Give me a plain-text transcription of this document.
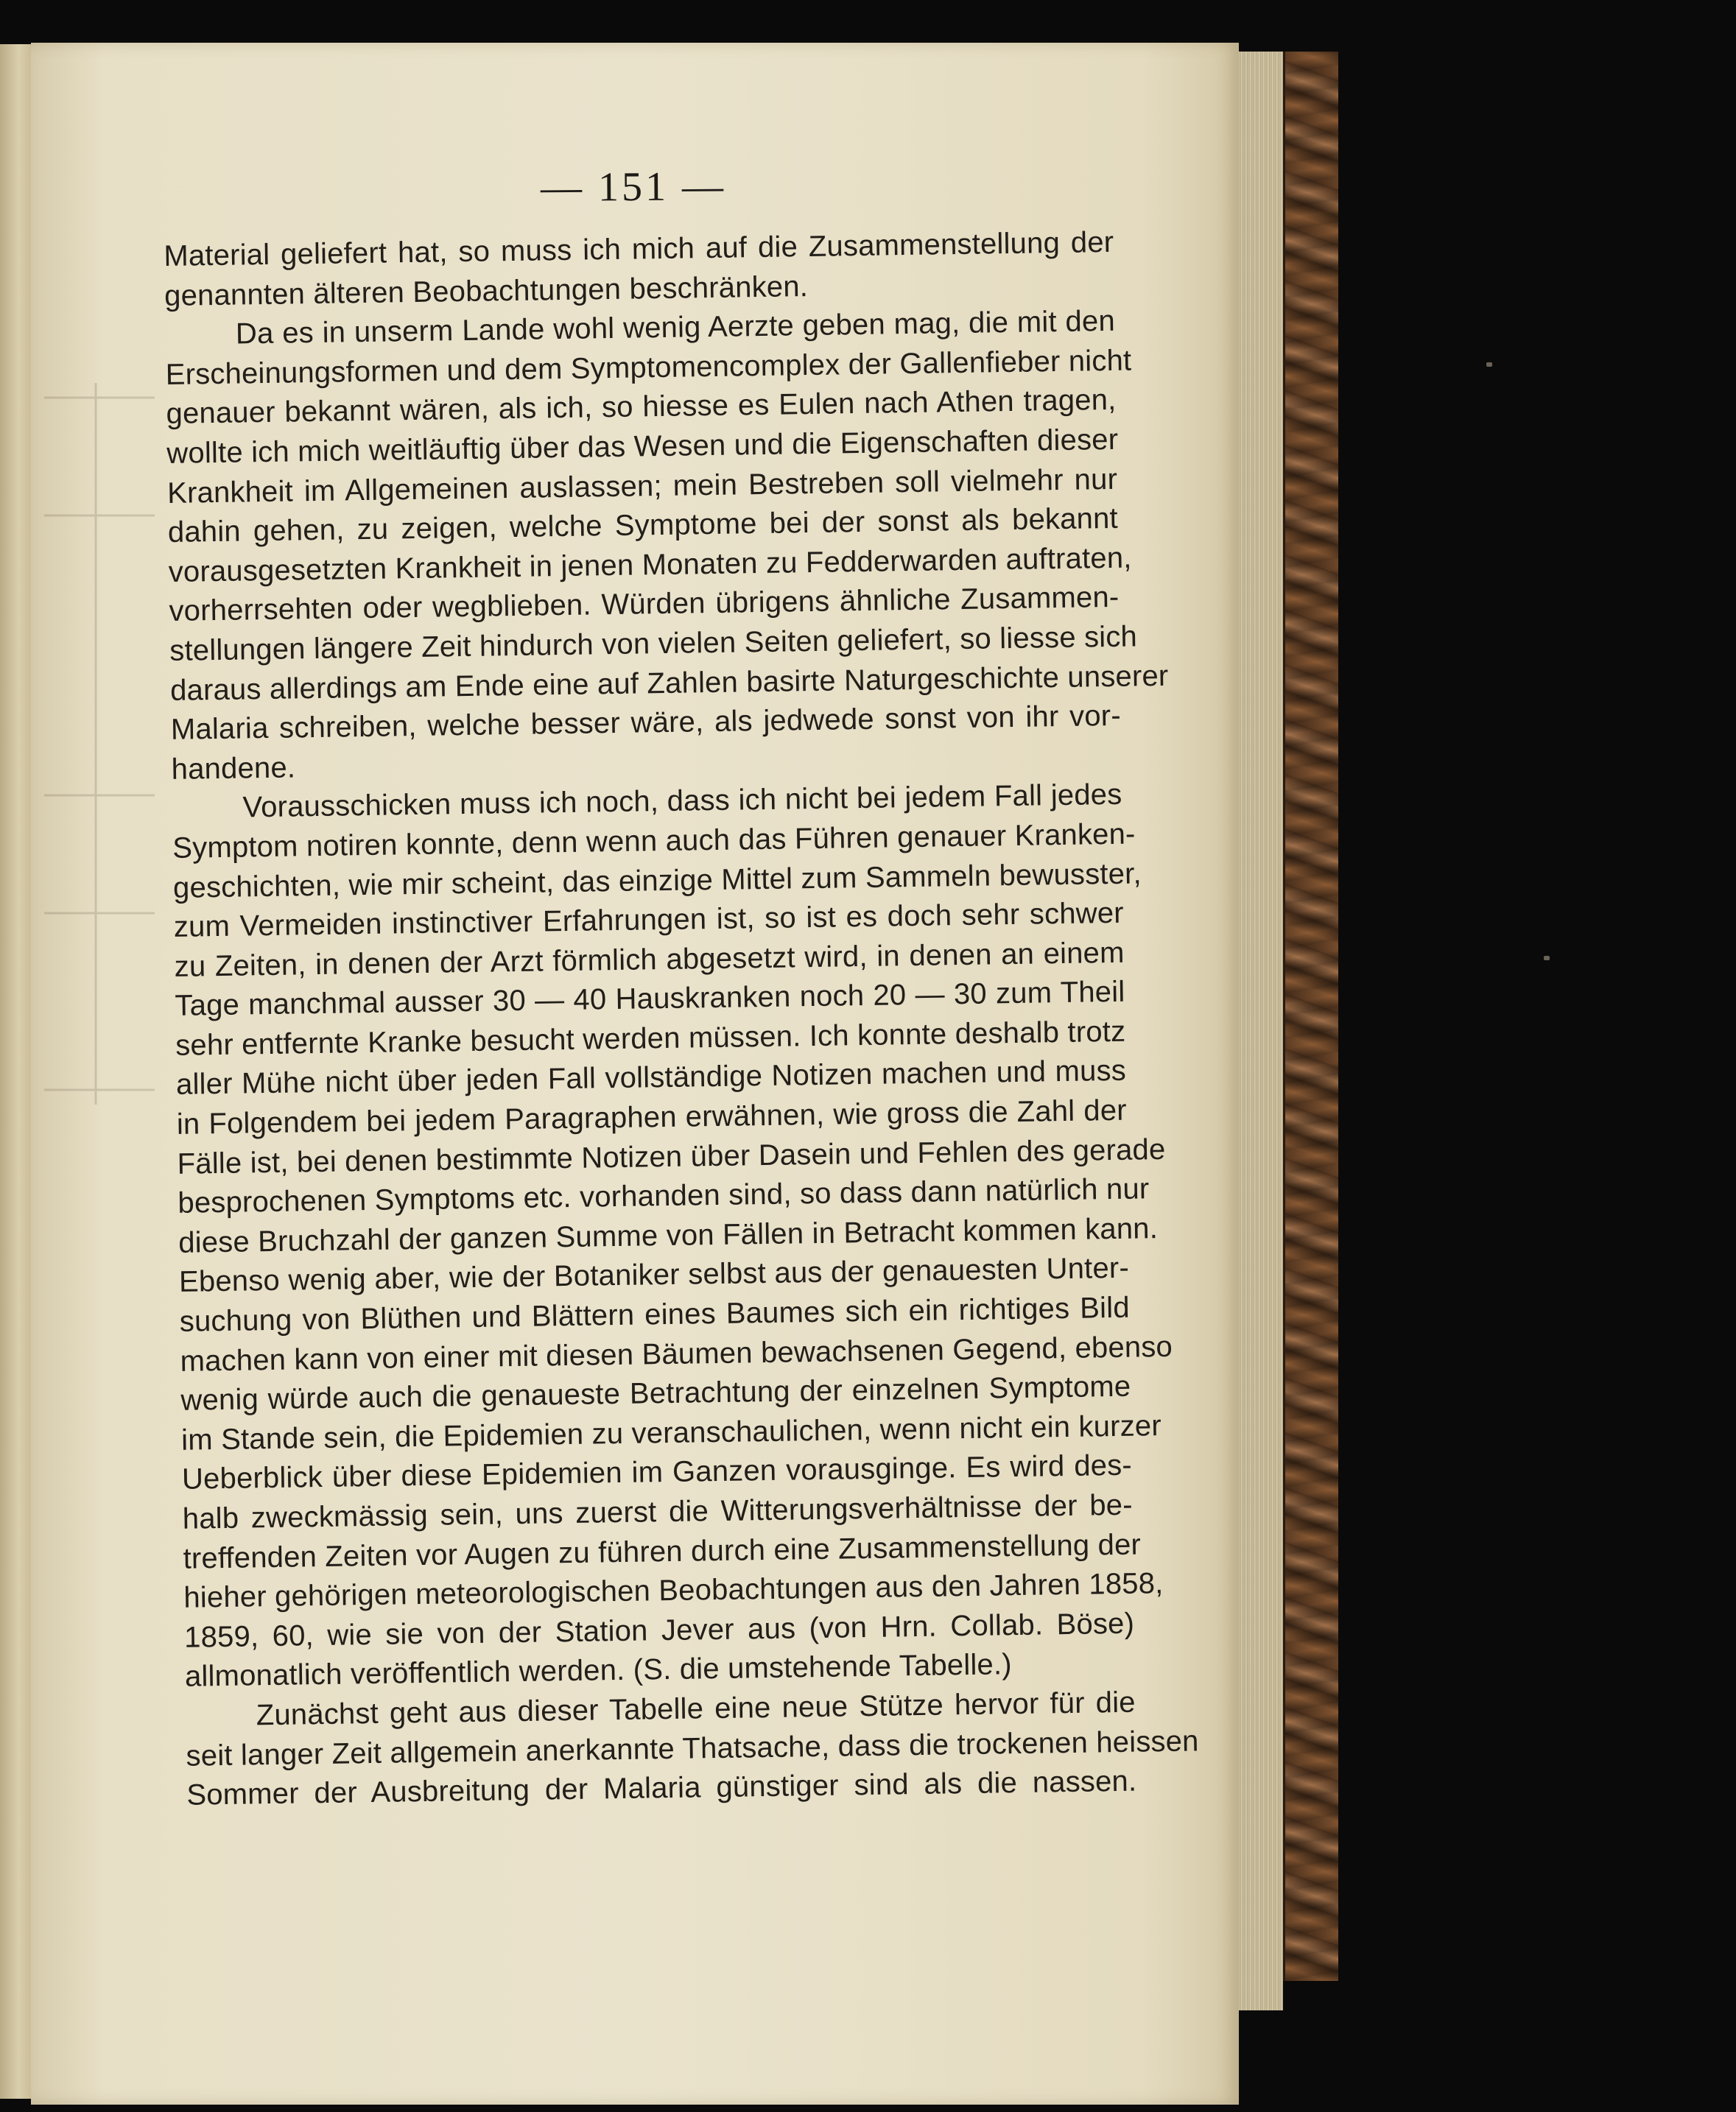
— 151 —
Material geliefert hat, so muss ich mich auf die Zusammenstellung der
genannten älteren Beobachtungen beschränken.
Da es in unserm Lande wohl wenig Aerzte geben mag, die mit den
Erscheinungsformen und dem Symptomencomplex der Gallenfieber nicht
genauer bekannt wären, als ich, so hiesse es Eulen nach Athen tragen,
wollte ich mich weitläuftig über das Wesen und die Eigenschaften dieser
Krankheit im Allgemeinen auslassen; mein Bestreben soll vielmehr nur
dahin gehen, zu zeigen, welche Symptome bei der sonst als bekannt
vorausgesetzten Krankheit in jenen Monaten zu Fedderwarden auftraten,
vorherrsehten oder wegblieben. Würden übrigens ähnliche Zusammen-
stellungen längere Zeit hindurch von vielen Seiten geliefert, so liesse sich
daraus allerdings am Ende eine auf Zahlen basirte Naturgeschichte unserer
Malaria schreiben, welche besser wäre, als jedwede sonst von ihr vor-
handene.
Vorausschicken muss ich noch, dass ich nicht bei jedem Fall jedes
Symptom notiren konnte, denn wenn auch das Führen genauer Kranken-
geschichten, wie mir scheint, das einzige Mittel zum Sammeln bewusster,
zum Vermeiden instinctiver Erfahrungen ist, so ist es doch sehr schwer
zu Zeiten, in denen der Arzt förmlich abgesetzt wird, in denen an einem
Tage manchmal ausser 30 — 40 Hauskranken noch 20 — 30 zum Theil
sehr entfernte Kranke besucht werden müssen. Ich konnte deshalb trotz
aller Mühe nicht über jeden Fall vollständige Notizen machen und muss
in Folgendem bei jedem Paragraphen erwähnen, wie gross die Zahl der
Fälle ist, bei denen bestimmte Notizen über Dasein und Fehlen des gerade
besprochenen Symptoms etc. vorhanden sind, so dass dann natürlich nur
diese Bruchzahl der ganzen Summe von Fällen in Betracht kommen kann.
Ebenso wenig aber, wie der Botaniker selbst aus der genauesten Unter-
suchung von Blüthen und Blättern eines Baumes sich ein richtiges Bild
machen kann von einer mit diesen Bäumen bewachsenen Gegend, ebenso
wenig würde auch die genaueste Betrachtung der einzelnen Symptome
im Stande sein, die Epidemien zu veranschaulichen, wenn nicht ein kurzer
Ueberblick über diese Epidemien im Ganzen vorausginge. Es wird des-
halb zweckmässig sein, uns zuerst die Witterungsverhältnisse der be-
treffenden Zeiten vor Augen zu führen durch eine Zusammenstellung der
hieher gehörigen meteorologischen Beobachtungen aus den Jahren 1858,
1859, 60, wie sie von der Station Jever aus (von Hrn. Collab. Böse)
allmonatlich veröffentlich werden. (S. die umstehende Tabelle.)
Zunächst geht aus dieser Tabelle eine neue Stütze hervor für die
seit langer Zeit allgemein anerkannte Thatsache, dass die trockenen heissen
Sommer der Ausbreitung der Malaria günstiger sind als die nassen.
